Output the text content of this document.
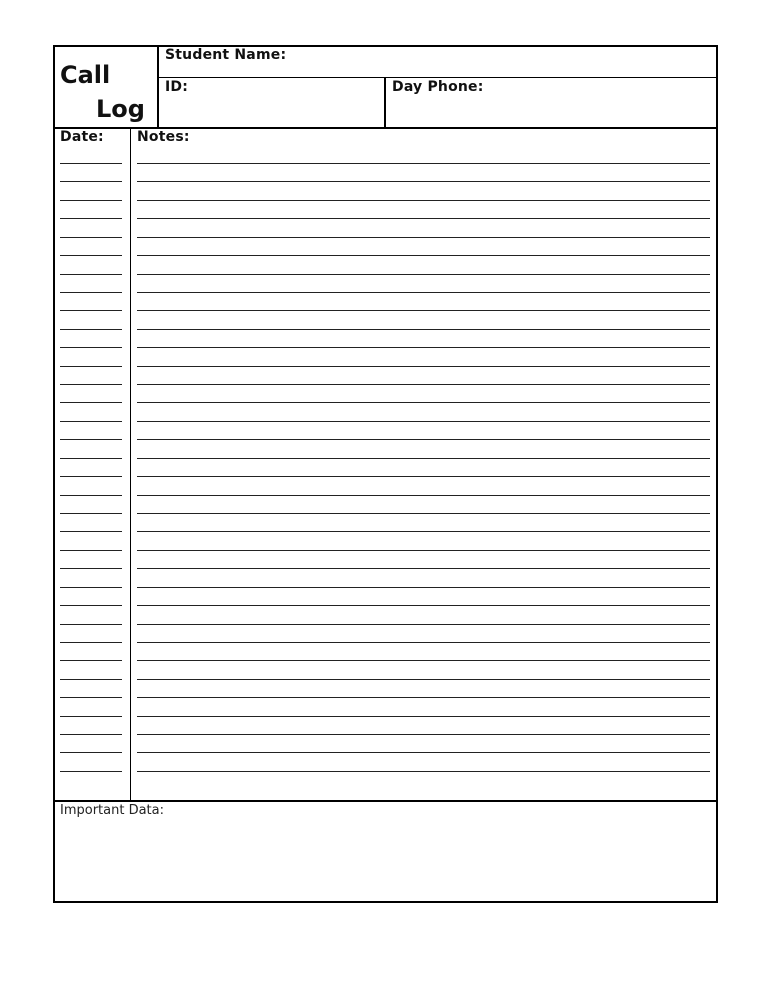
Call
Log
Student Name:
ID:	Day Phone:
Date: Notes:
Important Data:
